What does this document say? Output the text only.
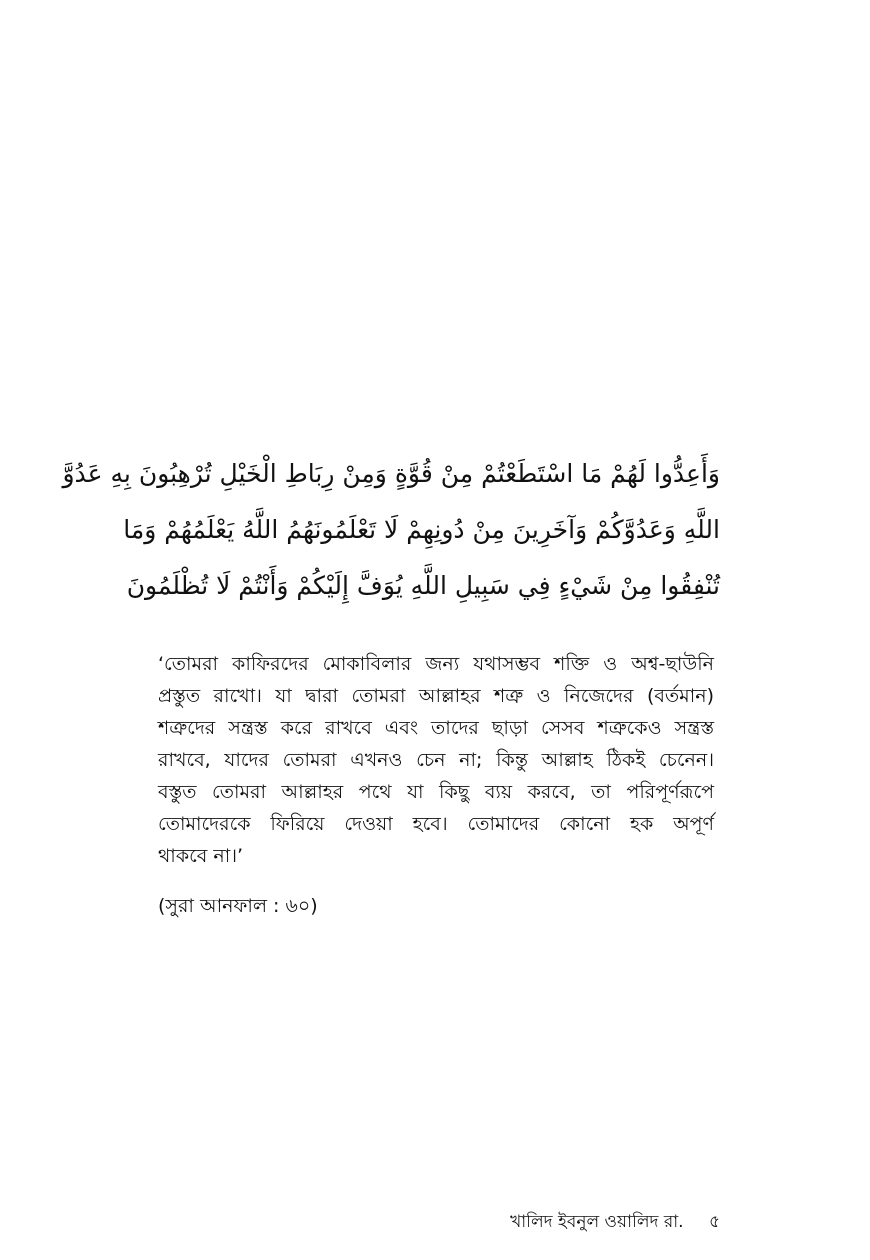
وَأَعِدُّوا لَهُمْ مَا اسْتَطَعْتُمْ مِنْ قُوَّةٍ وَمِنْ رِبَاطِ الْخَيْلِ تُرْهِبُونَ بِهِ عَدُوَّ
اللَّهِ وَعَدُوَّكُمْ وَآخَرِينَ مِنْ دُونِهِمْ لَا تَعْلَمُونَهُمُ اللَّهُ يَعْلَمُهُمْ وَمَا
تُنْفِقُوا مِنْ شَيْءٍ فِي سَبِيلِ اللَّهِ يُوَفَّ إِلَيْكُمْ وَأَنْتُمْ لَا تُظْلَمُونَ
‘তোমরা কাফিরদের মোকাবিলার জন্য যথাসম্ভব শক্তি ও অশ্ব-ছাউনি
প্রস্তুত রাখো। যা দ্বারা তোমরা আল্লাহর শত্রু ও নিজেদের (বর্তমান)
শত্রুদের সন্ত্রস্ত করে রাখবে এবং তাদের ছাড়া সেসব শত্রুকেও সন্ত্রস্ত
রাখবে, যাদের তোমরা এখনও চেন না; কিন্তু আল্লাহ ঠিকই চেনেন।
বস্তুত তোমরা আল্লাহর পথে যা কিছু ব্যয় করবে, তা পরিপূর্ণরূপে
তোমাদেরকে ফিরিয়ে দেওয়া হবে। তোমাদের কোনো হক অপূর্ণ
থাকবে না।’
(সুরা আনফাল : ৬০)
খালিদ ইবনুল ওয়ালিদ রা. ৫
